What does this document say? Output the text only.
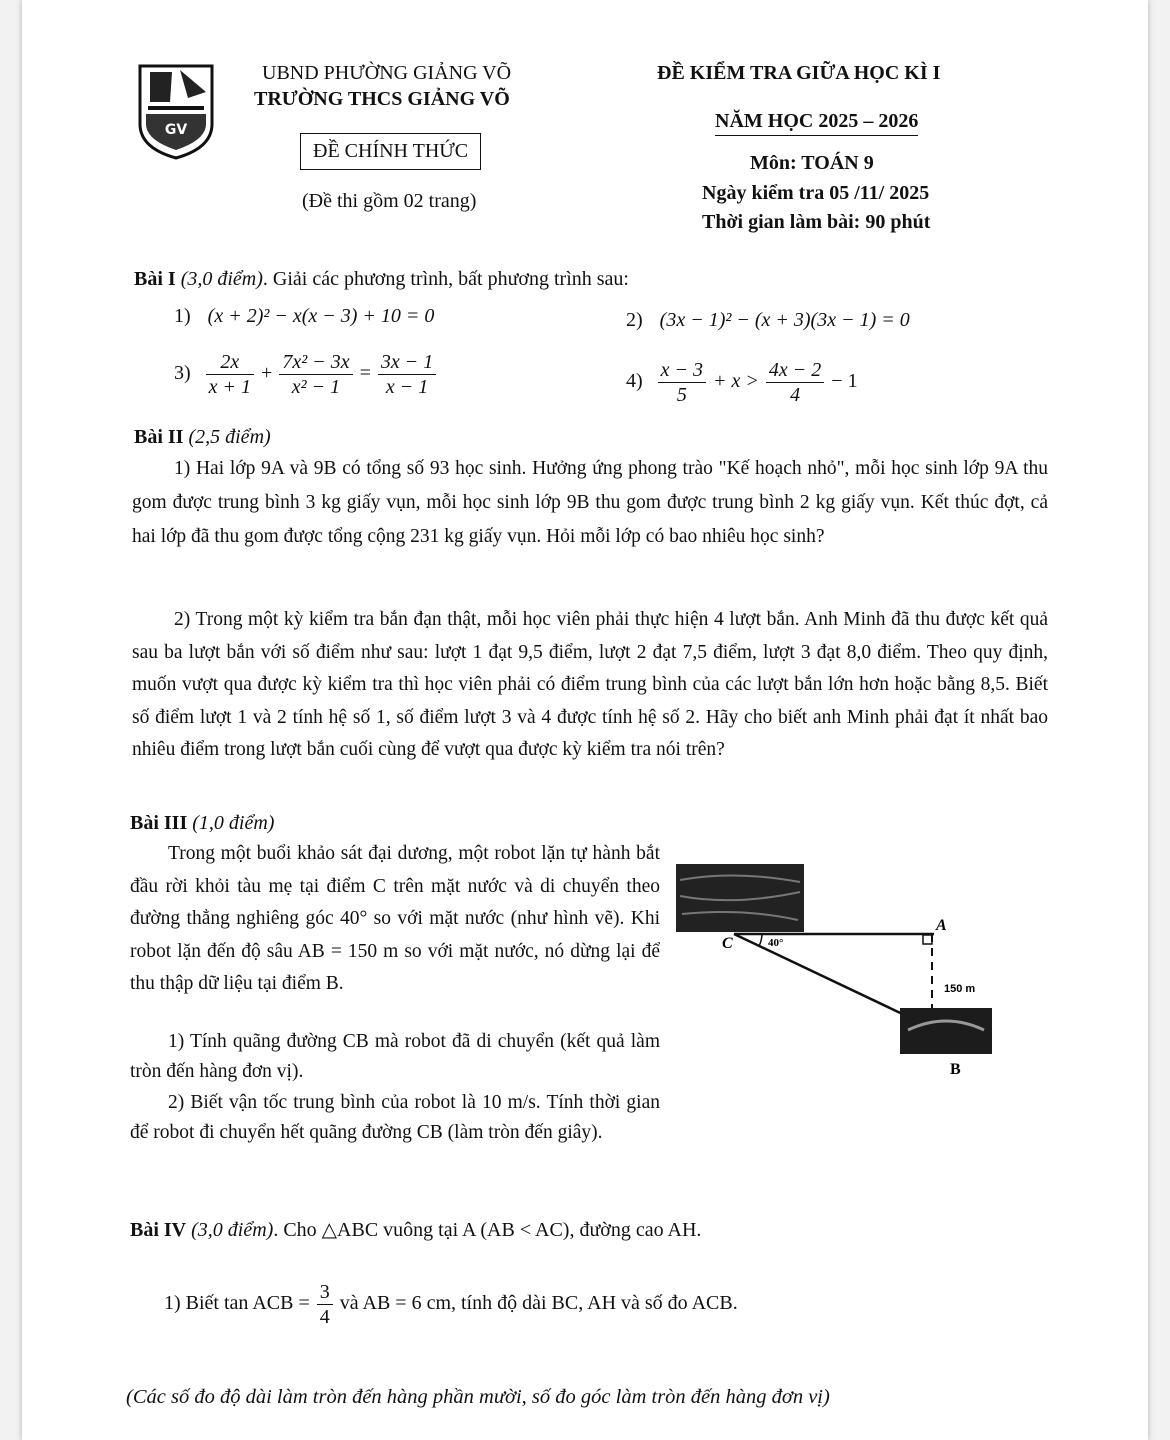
GV
UBND PHƯỜNG GIẢNG VÕ
TRƯỜNG THCS GIẢNG VÕ
ĐỀ CHÍNH THỨC
(Đề thi gồm 02 trang)
ĐỀ KIỂM TRA GIỮA HỌC KÌ I
NĂM HỌC 2025 – 2026
Môn: TOÁN 9
Ngày kiểm tra 05 /11/ 2025
Thời gian làm bài: 90 phút
Bài I (3,0 điểm). Giải các phương trình, bất phương trình sau:
1) (x + 2)² − x(x − 3) + 10 = 0	2) (3x − 1)² − (x + 3)(3x − 1) = 0
$3) \frac{2x}{x + 1} + \frac{\text{7x² − 3x}}{\text{x² − 1}} = \frac{3x - 1}{x - 1}$	$4) \frac{x - 3}{5} + x > \frac{4x - 2}{4} - 1$
Bài II (2,5 điểm)
1) Hai lớp 9A và 9B có tổng số 93 học sinh. Hưởng ứng phong trào "Kế hoạch nhỏ", mỗi học sinh lớp 9A thu gom được trung bình 3 kg giấy vụn, mỗi học sinh lớp 9B thu gom được trung bình 2 kg giấy vụn. Kết thúc đợt, cả hai lớp đã thu gom được tổng cộng 231 kg giấy vụn. Hỏi mỗi lớp có bao nhiêu học sinh?
2) Trong một kỳ kiểm tra bắn đạn thật, mỗi học viên phải thực hiện 4 lượt bắn. Anh Minh đã thu được kết quả sau ba lượt bắn với số điểm như sau: lượt 1 đạt 9,5 điểm, lượt 2 đạt 7,5 điểm, lượt 3 đạt 8,0 điểm. Theo quy định, muốn vượt qua được kỳ kiểm tra thì học viên phải có điểm trung bình của các lượt bắn lớn hơn hoặc bằng 8,5. Biết số điểm lượt 1 và 2 tính hệ số 1, số điểm lượt 3 và 4 được tính hệ số 2. Hãy cho biết anh Minh phải đạt ít nhất bao nhiêu điểm trong lượt bắn cuối cùng để vượt qua được kỳ kiểm tra nói trên?
Bài III (1,0 điểm)
Trong một buổi khảo sát đại dương, một robot lặn tự hành bắt đầu rời khỏi tàu mẹ tại điểm C trên mặt nước và di chuyển theo đường thẳng nghiêng góc 40° so với mặt nước (như hình vẽ). Khi robot lặn đến độ sâu AB = 150 m so với mặt nước, nó dừng lại để thu thập dữ liệu tại điểm B.
1) Tính quãng đường CB mà robot đã di chuyển (kết quả làm tròn đến hàng đơn vị).
2) Biết vận tốc trung bình của robot là 10 m/s. Tính thời gian để robot đi chuyển hết quãng đường CB (làm tròn đến giây).
C	40°
A
150 m
B
Bài IV (3,0 điểm). Cho △ABC vuông tại A (AB < AC), đường cao AH.
1) Biết tan ACB = $\frac{3}{4}$ và AB = 6 cm, tính độ dài BC, AH và số đo ACB.
(Các số đo độ dài làm tròn đến hàng phần mười, số đo góc làm tròn đến hàng đơn vị)
